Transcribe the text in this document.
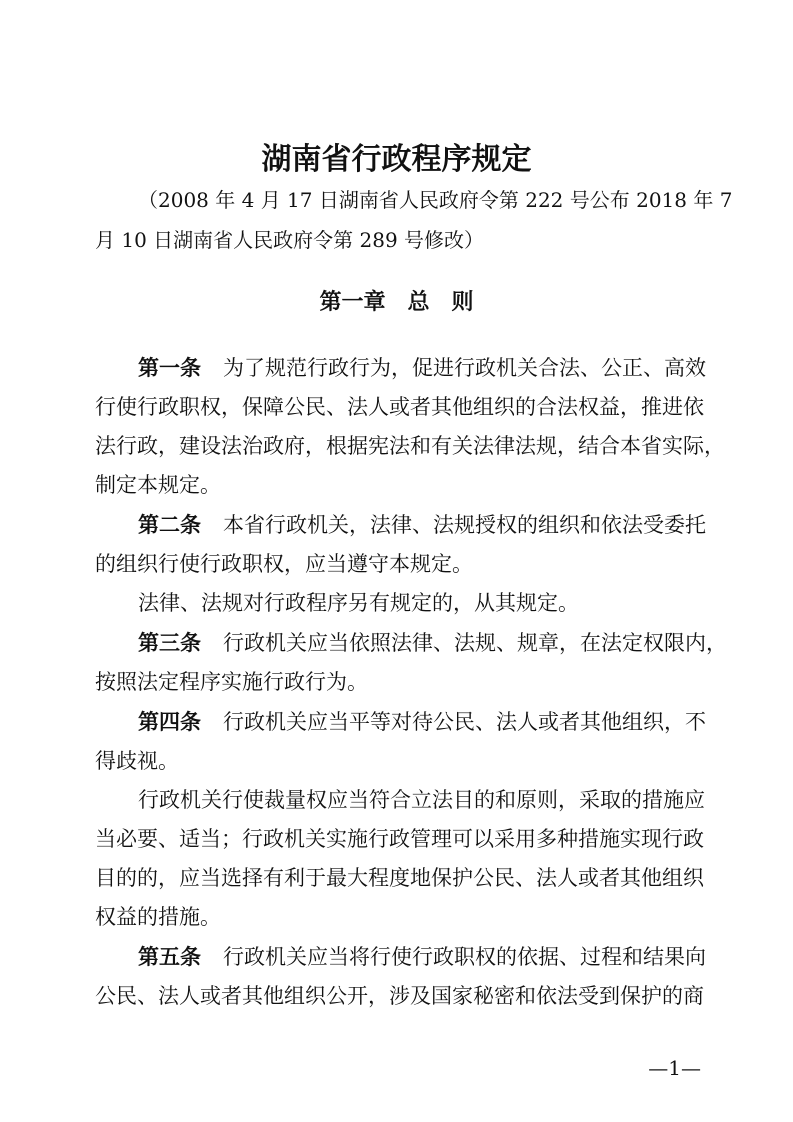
湖南省行政程序规定
（2008 年 4 月 17 日湖南省人民政府令第 222 号公布 2018 年 7
月 10 日湖南省人民政府令第 289 号修改）
第一章　总　则
第一条 为了规范行政行为，促进行政机关合法、公正、高效
行使行政职权，保障公民、法人或者其他组织的合法权益，推进依
法行政，建设法治政府，根据宪法和有关法律法规，结合本省实际，
制定本规定。
第二条 本省行政机关，法律、法规授权的组织和依法受委托
的组织行使行政职权，应当遵守本规定。
法律、法规对行政程序另有规定的，从其规定。
第三条 行政机关应当依照法律、法规、规章，在法定权限内，
按照法定程序实施行政行为。
第四条 行政机关应当平等对待公民、法人或者其他组织，不
得歧视。
行政机关行使裁量权应当符合立法目的和原则，采取的措施应
当必要、适当；行政机关实施行政管理可以采用多种措施实现行政
目的的，应当选择有利于最大程度地保护公民、法人或者其他组织
权益的措施。
第五条 行政机关应当将行使行政职权的依据、过程和结果向
公民、法人或者其他组织公开，涉及国家秘密和依法受到保护的商
—1—
